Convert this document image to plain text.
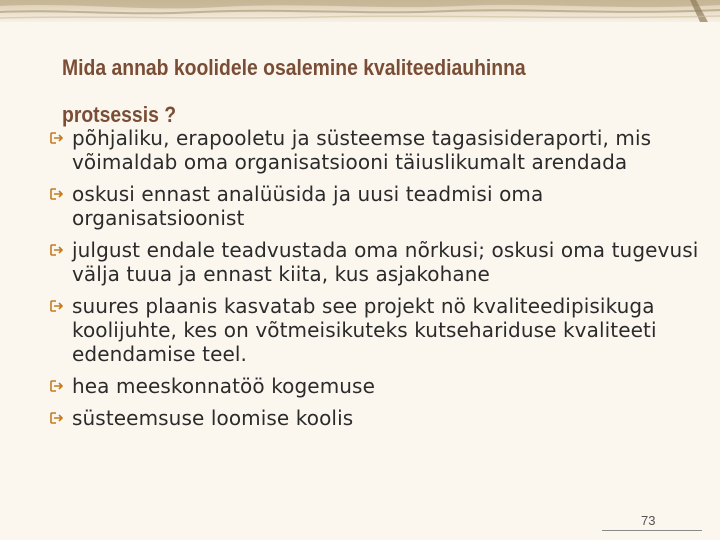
Mida annab koolidele osalemine kvaliteediauhinna protsessis ?
põhjaliku, erapooletu ja süsteemse tagasisideraporti, mis võimaldab oma organisatsiooni täiuslikumalt arendada
oskusi ennast analüüsida ja uusi teadmisi oma organisatsioonist
julgust endale teadvustada oma nõrkusi; oskusi oma tugevusi välja tuua ja ennast kiita, kus asjakohane
suures plaanis kasvatab see projekt nö kvaliteedipisikuga koolijuhte, kes on võtmeisikuteks kutsehariduse kvaliteeti edendamise teel.
hea meeskonnatöö kogemuse
süsteemsuse loomise koolis
73
